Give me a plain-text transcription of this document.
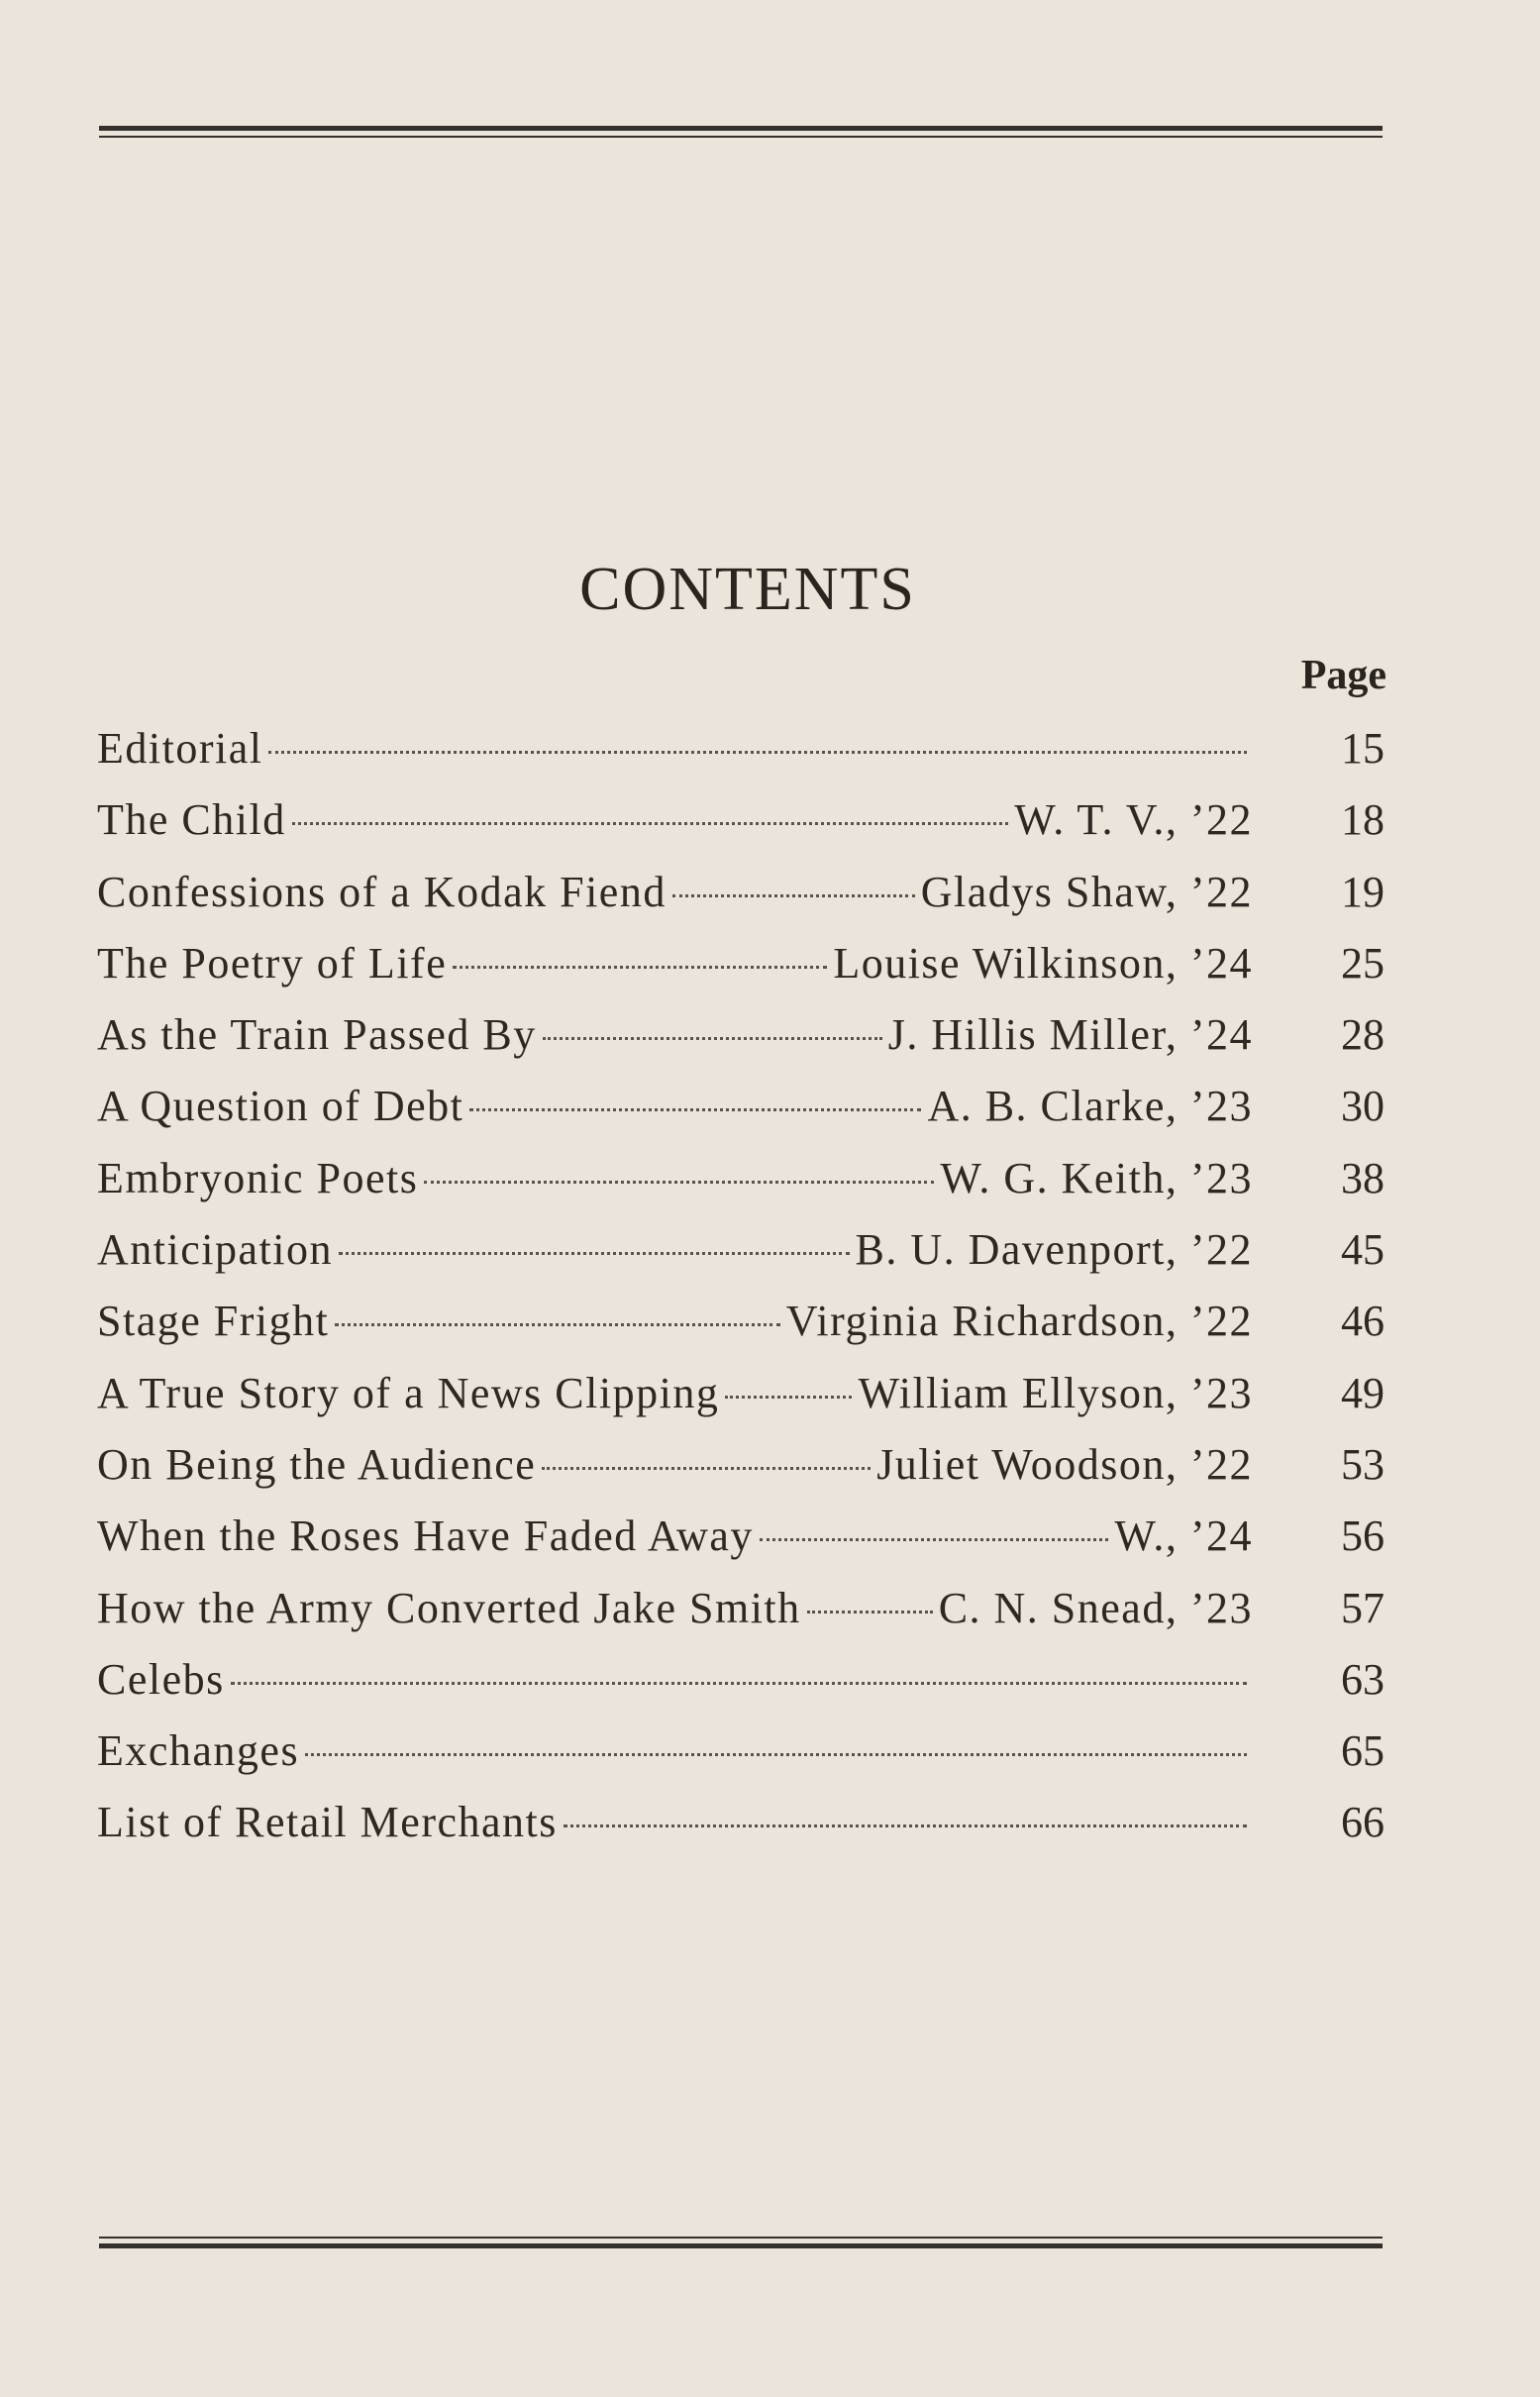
CONTENTS
Page
Editorial	15
The Child	W. T. V., ’22	18
Confessions of a Kodak Fiend	Gladys Shaw, ’22	19
The Poetry of Life	Louise Wilkinson, ’24	25
As the Train Passed By	J. Hillis Miller, ’24	28
A Question of Debt	A. B. Clarke, ’23	30
Embryonic Poets	W. G. Keith, ’23	38
Anticipation	B. U. Davenport, ’22	45
Stage Fright	Virginia Richardson, ’22	46
A True Story of a News Clipping	William Ellyson, ’23	49
On Being the Audience	Juliet Woodson, ’22	53
When the Roses Have Faded Away	W., ’24	56
How the Army Converted Jake Smith	C. N. Snead, ’23	57
Celebs	63
Exchanges	65
List of Retail Merchants	66
